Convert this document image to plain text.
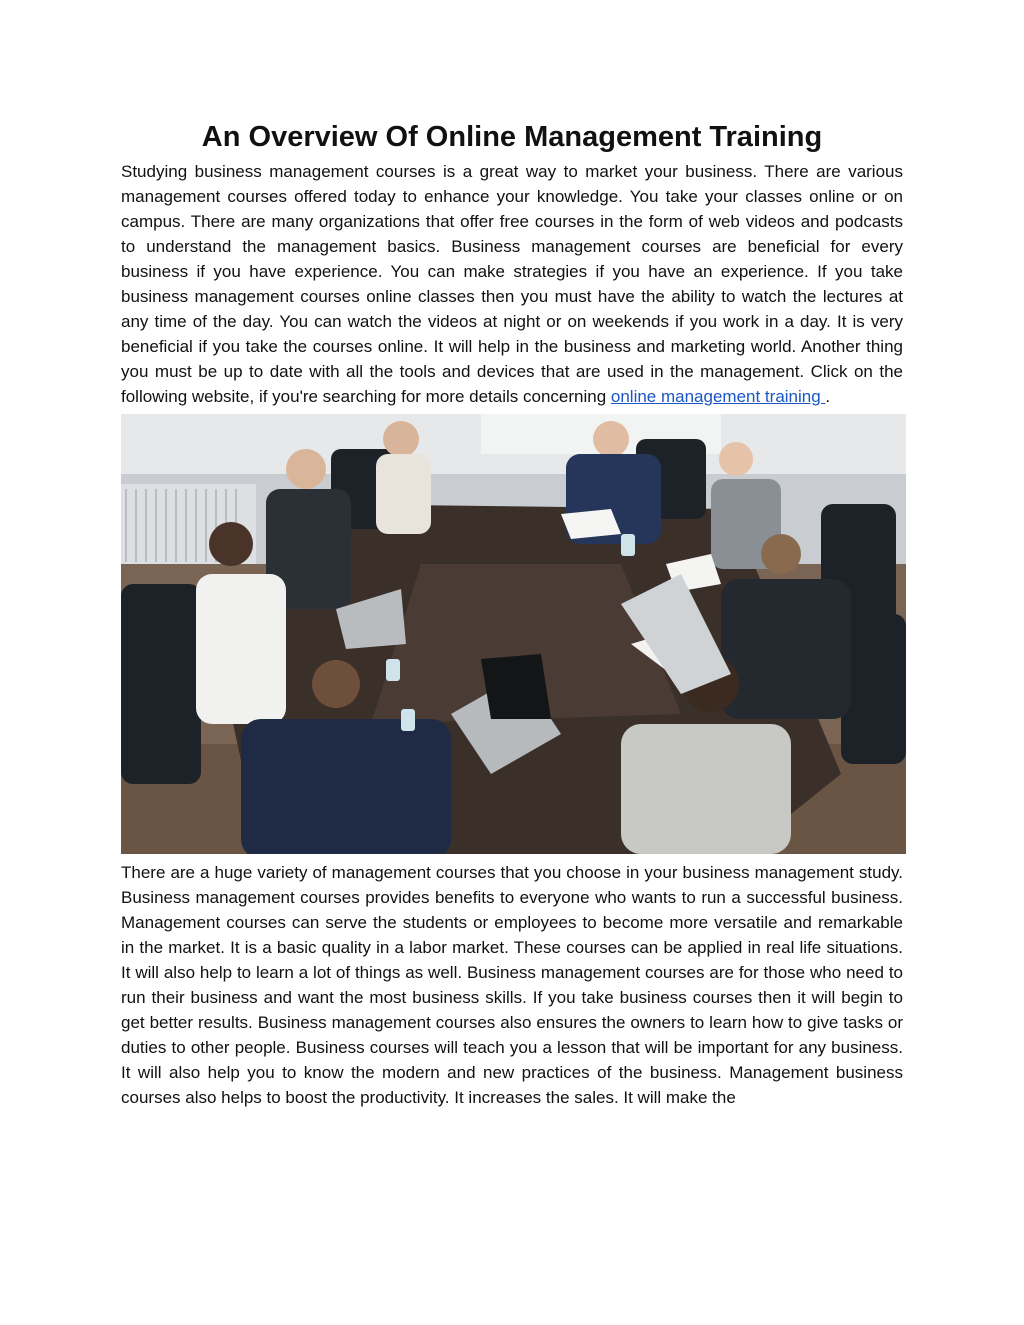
An Overview Of Online Management Training

Studying business management courses is a great way to market your business. There are various management courses offered today to enhance your knowledge. You take your classes online or on campus. There are many organizations that offer free courses in the form of web videos and podcasts to understand the management basics. Business management courses are beneficial for every business if you have experience. You can make strategies if you have an experience. If you take business management courses online classes then you must have the ability to watch the lectures at any time of the day. You can watch the videos at night or on weekends if you work in a day. It is very beneficial if you take the courses online. It will help in the business and marketing world. Another thing you must be up to date with all the tools and devices that are used in the management. Click on the following website, if you're searching for more details concerning online management training .

There are a huge variety of management courses that you choose in your business management study. Business management courses provides benefits to everyone who wants to run a successful business. Management courses can serve the students or employees to become more versatile and remarkable in the market. It is a basic quality in a labor market. These courses can be applied in real life situations. It will also help to learn a lot of things as well. Business management courses are for those who need to run their business and want the most business skills. If you take business courses then it will begin to get better results. Business management courses also ensures the owners to learn how to give tasks or duties to other people. Business courses will teach you a lesson that will be important for any business. It will also help you to know the modern and new practices of the business. Management business courses also helps to boost the productivity. It increases the sales. It will make the
